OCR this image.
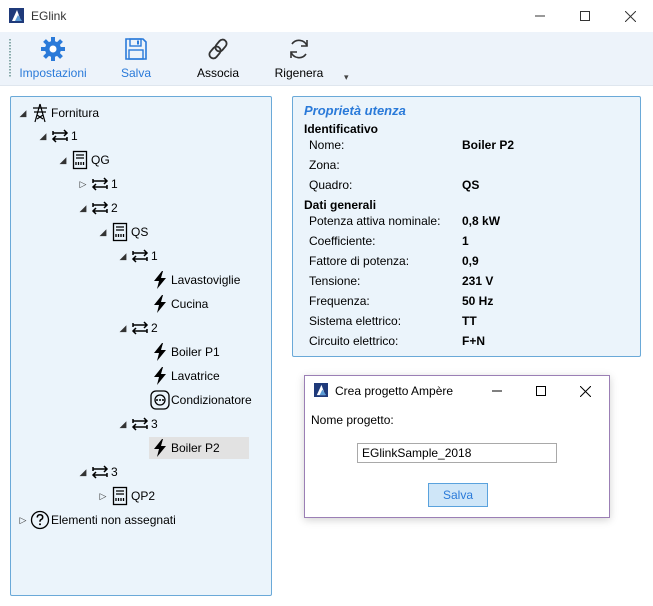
EGlink
Impostazioni	Salva	Associa	Rigenera ▾
◢ Fornitura
◢ 1
◢ QG
▷ 1
◢ 2
◢ QS
◢ 1
Lavastoviglie
Cucina
◢ 2
Boiler P1
Lavatrice
Condizionatore
◢ 3
Boiler P2
◢ 3
▷ QP2
▷ Elementi non assegnati
Proprietà utenza
Identificativo
Nome:	Boiler P2
Zona:
Quadro:	QS
Dati generali
Potenza attiva nominale: 0,8 kW
Coefficiente:	1
Fattore di potenza:	0,9
Tensione:	231 V
Frequenza:	50 Hz
Sistema elettrico:	TT
Circuito elettrico:	F+N
Crea progetto Ampère
Nome progetto:
EGlinkSample_2018
Salva
